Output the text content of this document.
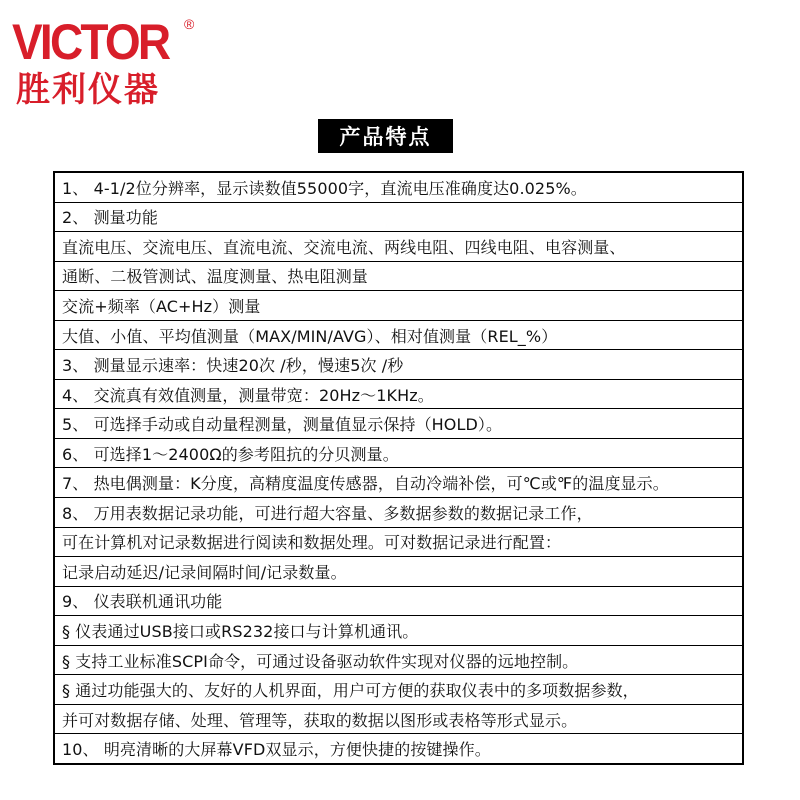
VICTOR ®
胜利仪器
产品特点
1、 4-1/2位分辨率，显示读数值55000字，直流电压准确度达0.025%。
2、 测量功能
直流电压、交流电压、直流电流、交流电流、两线电阻、四线电阻、电容测量、
通断、二极管测试、温度测量、热电阻测量
交流+频率（AC+Hz）测量
大值、小值、平均值测量（MAX/MIN/AVG）、相对值测量（REL_%）
3、 测量显示速率：快速20次 /秒，慢速5次 /秒
4、 交流真有效值测量，测量带宽：20Hz～1KHz。
5、 可选择手动或自动量程测量，测量值显示保持（HOLD）。
6、 可选择1～2400Ω的参考阻抗的分贝测量。
7、 热电偶测量：K分度，高精度温度传感器，自动冷端补偿，可℃或℉的温度显示。
8、 万用表数据记录功能，可进行超大容量、多数据参数的数据记录工作，
可在计算机对记录数据进行阅读和数据处理。可对数据记录进行配置：
记录启动延迟/记录间隔时间/记录数量。
9、 仪表联机通讯功能
§ 仪表通过USB接口或RS232接口与计算机通讯。
§ 支持工业标准SCPI命令，可通过设备驱动软件实现对仪器的远地控制。
§ 通过功能强大的、友好的人机界面，用户可方便的获取仪表中的多项数据参数，
并可对数据存储、处理、管理等，获取的数据以图形或表格等形式显示。
10、 明亮清晰的大屏幕VFD双显示，方便快捷的按键操作。
